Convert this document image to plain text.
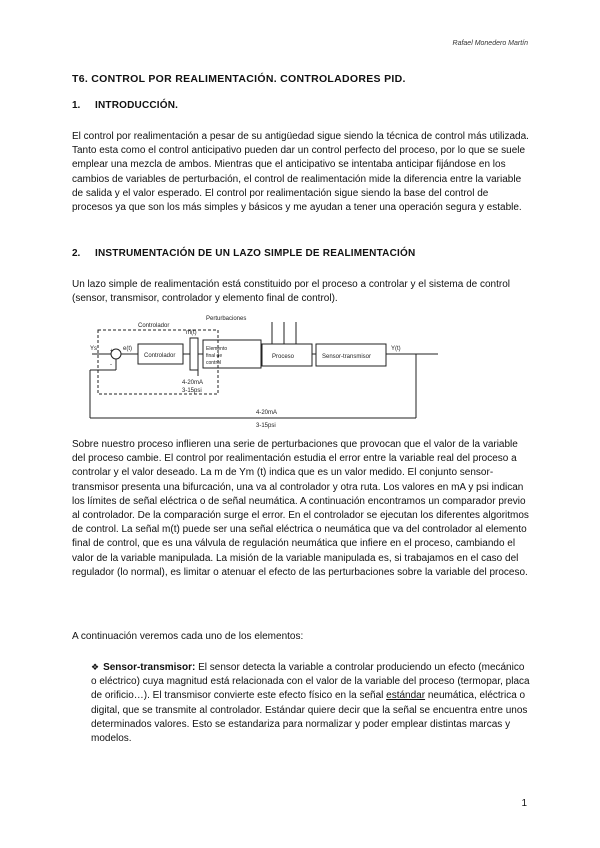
Rafael Monedero Martín
T6. CONTROL POR REALIMENTACIÓN. CONTROLADORES PID.
1. INTRODUCCIÓN.
El control por realimentación a pesar de su antigüedad sigue siendo la técnica de control más utilizada. Tanto esta como el control anticipativo pueden dar un control perfecto del proceso, por lo que se suele emplear una mezcla de ambos. Mientras que el anticipativo se intentaba anticipar fijándose en los cambios de variables de perturbación, el control de realimentación mide la diferencia entre la variable de salida y el valor esperado. El control por realimentación sigue siendo la base del control de procesos ya que son los más simples y básicos y me ayudan a tener una operación segura y estable.
2. INSTRUMENTACIÓN DE UN LAZO SIMPLE DE REALIMENTACIÓN
Un lazo simple de realimentación está constituido por el proceso a controlar y el sistema de control (sensor, transmisor, controlador y elemento final de control).
Perturbaciones
Controlador
Ys	e(t)
+
-
Controlador
Elemento
final de
control
m(t)
Proceso	Sensor-transmisor
Y(t)
4-20mA
3-15psi
4-20mA
3-15psi
Sobre nuestro proceso inflieren una serie de perturbaciones que provocan que el valor de la variable del proceso cambie. El control por realimentación estudia el error entre la variable real del proceso a controlar y el valor deseado. La m de Ym (t) indica que es un valor medido. El conjunto sensor-transmisor presenta una bifurcación, una va al controlador y otra ruta. Los valores en mA y psi indican los límites de señal eléctrica o de señal neumática. A continuación encontramos un comparador previo al controlador. De la comparación surge el error. En el controlador se ejecutan los diferentes algoritmos de control. La señal m(t) puede ser una señal eléctrica o neumática que va del controlador al elemento final de control, que es una válvula de regulación neumática que infiere en el proceso, cambiando el valor de la variable manipulada. La misión de la variable manipulada es, si trabajamos en el caso del regulador (lo normal), es limitar o atenuar el efecto de las perturbaciones sobre la variable del proceso.
A continuación veremos cada uno de los elementos:
❖ Sensor-transmisor: El sensor detecta la variable a controlar produciendo un efecto (mecánico o eléctrico) cuya magnitud está relacionada con el valor de la variable del proceso (termopar, placa de orificio…). El transmisor convierte este efecto físico en la señal estándar neumática, eléctrica o digital, que se transmite al controlador. Estándar quiere decir que la señal se encuentra entre unos determinados valores. Esto se estandariza para normalizar y poder emplear distintas marcas y modelos.
1
